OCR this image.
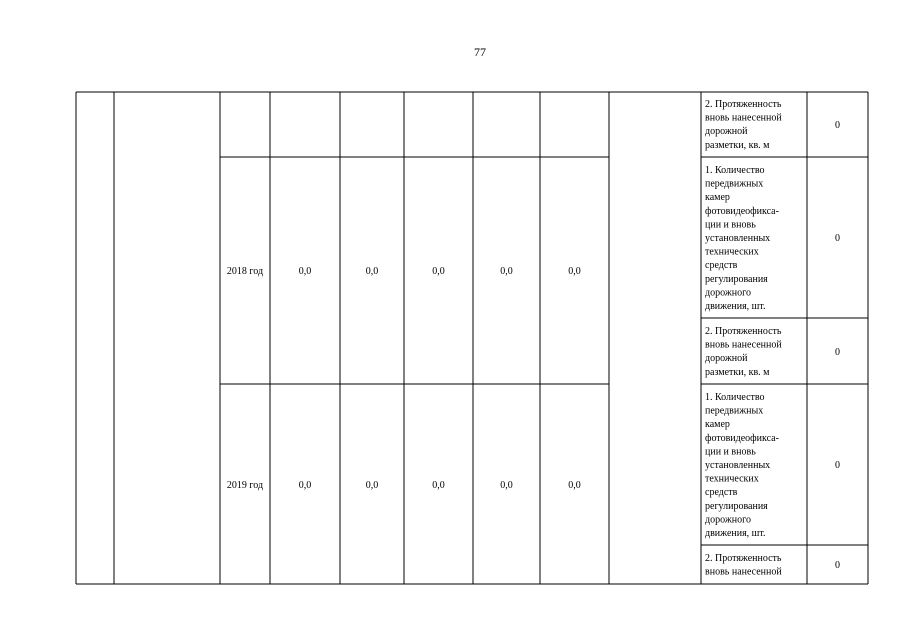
77
2. Протяженность вновь нанесенной дорожной разметки, кв. м
0
2018 год	0,0	0,0	0,0	0,0	0,0
1. Количество передвижных камер фотовидеофикса- ции и вновь установленных технических средств регулирования дорожного движения, шт.
0
2. Протяженность вновь нанесенной дорожной разметки, кв. м
0
2019 год	0,0	0,0	0,0	0,0	0,0
1. Количество передвижных камер фотовидеофикса- ции и вновь установленных технических средств регулирования дорожного движения, шт.
0
2. Протяженность вновь нанесенной
0
